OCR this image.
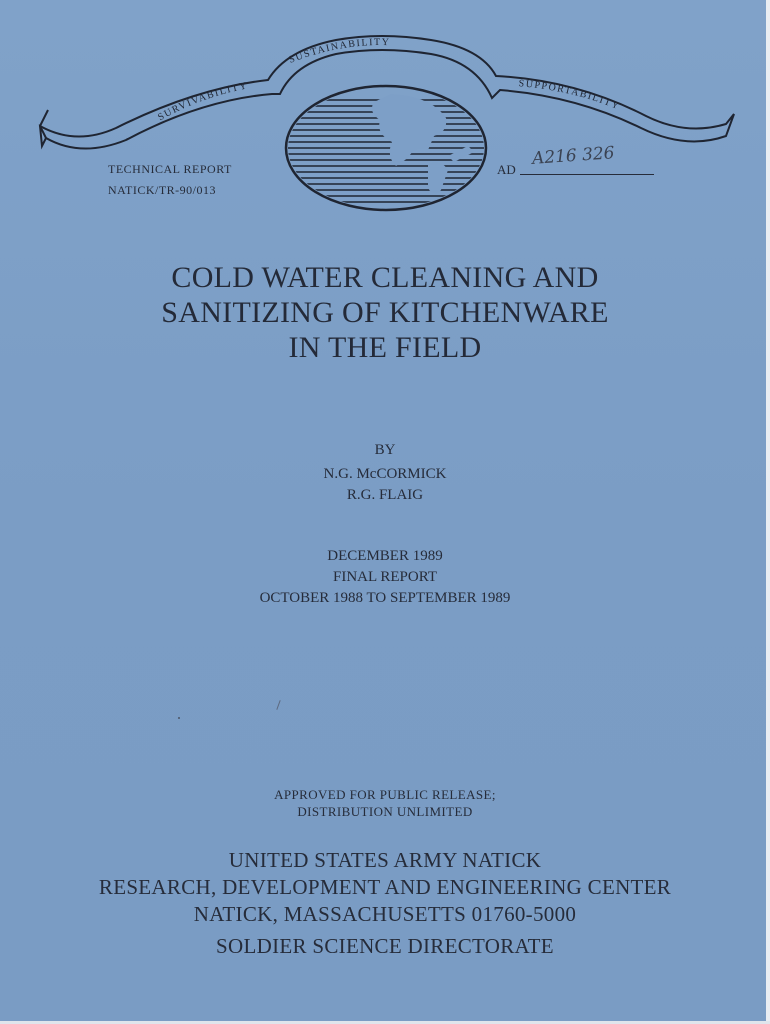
SUSTAINABILITY
SURVIVABILITY	SUPPORTABILITY
TECHNICAL REPORT
NATICK/TR-90/013
AD
A216 326
COLD WATER CLEANING AND
SANITIZING OF KITCHENWARE
IN THE FIELD
BY
N.G. McCORMICK
R.G. FLAIG
DECEMBER 1989
FINAL REPORT
OCTOBER 1988 TO SEPTEMBER 1989
APPROVED FOR PUBLIC RELEASE;
DISTRIBUTION UNLIMITED
UNITED STATES ARMY NATICK
RESEARCH, DEVELOPMENT AND ENGINEERING CENTER
NATICK, MASSACHUSETTS 01760-5000
SOLDIER SCIENCE DIRECTORATE
